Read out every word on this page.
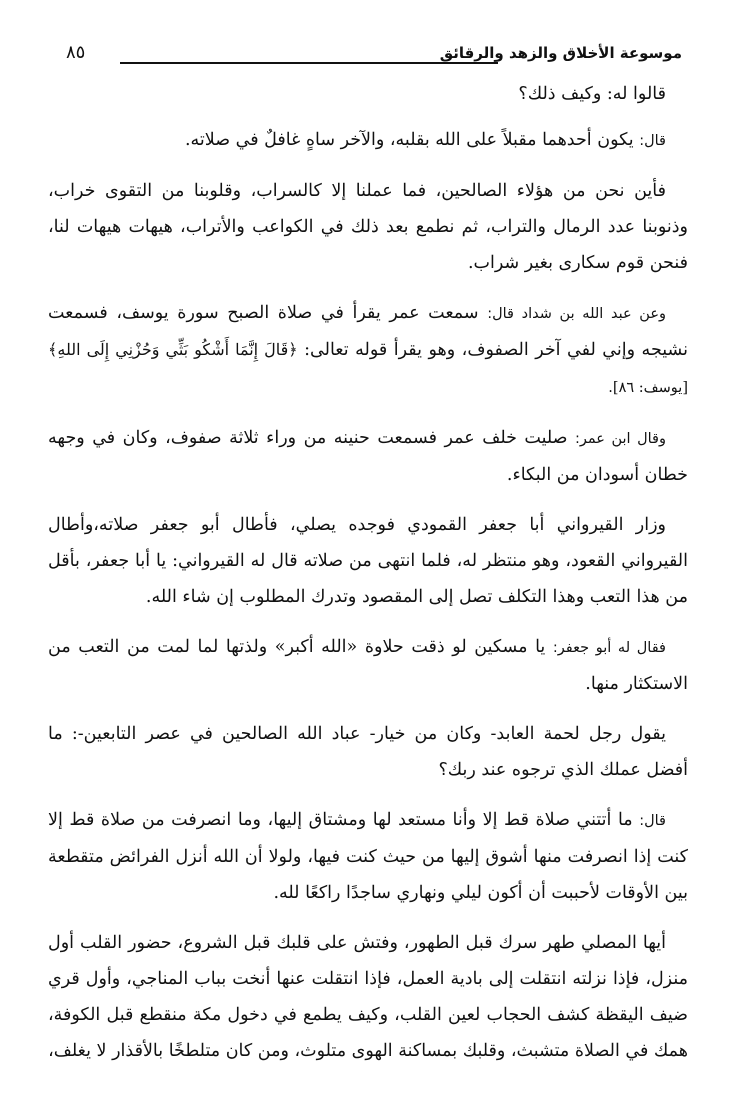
موسوعة الأخلاق والزهد والرقائق
٨٥

قالوا له: وكيف ذلك؟

قال: يكون أحدهما مقبلاً على الله بقلبه، والآخر ساهٍ غافلٌ في صلاته.

فأين نحن من هؤلاء الصالحين، فما عملنا إلا كالسراب، وقلوبنا من التقوى خراب، وذنوبنا عدد الرمال والتراب، ثم نطمع بعد ذلك في الكواعب والأتراب، هيهات هيهات لنا، فنحن قوم سكارى بغير شراب.

وعن عبد الله بن شداد قال: سمعت عمر يقرأ في صلاة الصبح سورة يوسف، فسمعت نشيجه وإني لفي آخر الصفوف، وهو يقرأ قوله تعالى: ﴿قَالَ إِنَّمَا أَشْكُو بَثِّي وَحُزْنِي إِلَى اللهِ﴾ [يوسف: ٨٦].

وقال ابن عمر: صليت خلف عمر فسمعت حنينه من وراء ثلاثة صفوف، وكان في وجهه خطان أسودان من البكاء.

وزار القيرواني أبا جعفر القمودي فوجده يصلي، فأطال أبو جعفر صلاته،وأطال القيرواني القعود، وهو منتظر له، فلما انتهى من صلاته قال له القيرواني: يا أبا جعفر، بأقل من هذا التعب وهذا التكلف تصل إلى المقصود وتدرك المطلوب إن شاء الله.

فقال له أبو جعفر: يا مسكين لو ذقت حلاوة «الله أكبر» ولذتها لما لمت من التعب من الاستكثار منها.

يقول رجل لحمة العابد- وكان من خيار- عباد الله الصالحين في عصر التابعين-: ما أفضل عملك الذي ترجوه عند ربك؟

قال: ما أتتني صلاة قط إلا وأنا مستعد لها ومشتاق إليها، وما انصرفت من صلاة قط إلا كنت إذا انصرفت منها أشوق إليها من حيث كنت فيها، ولولا أن الله أنزل الفرائض متقطعة بين الأوقات لأحببت أن أكون ليلي ونهاري ساجدًا راكعًا لله.

أيها المصلي طهر سرك قبل الطهور، وفتش على قلبك قبل الشروع، حضور القلب أول منزل، فإذا نزلته انتقلت إلى بادية العمل، فإذا انتقلت عنها أنخت بباب المناجي، وأول قري ضيف اليقظة كشف الحجاب لعين القلب، وكيف يطمع في دخول مكة منقطع قبل الكوفة، همك في الصلاة متشبث، وقلبك بمساكنة الهوى متلوث، ومن كان متلطخًا بالأقذار لا يغلف،
